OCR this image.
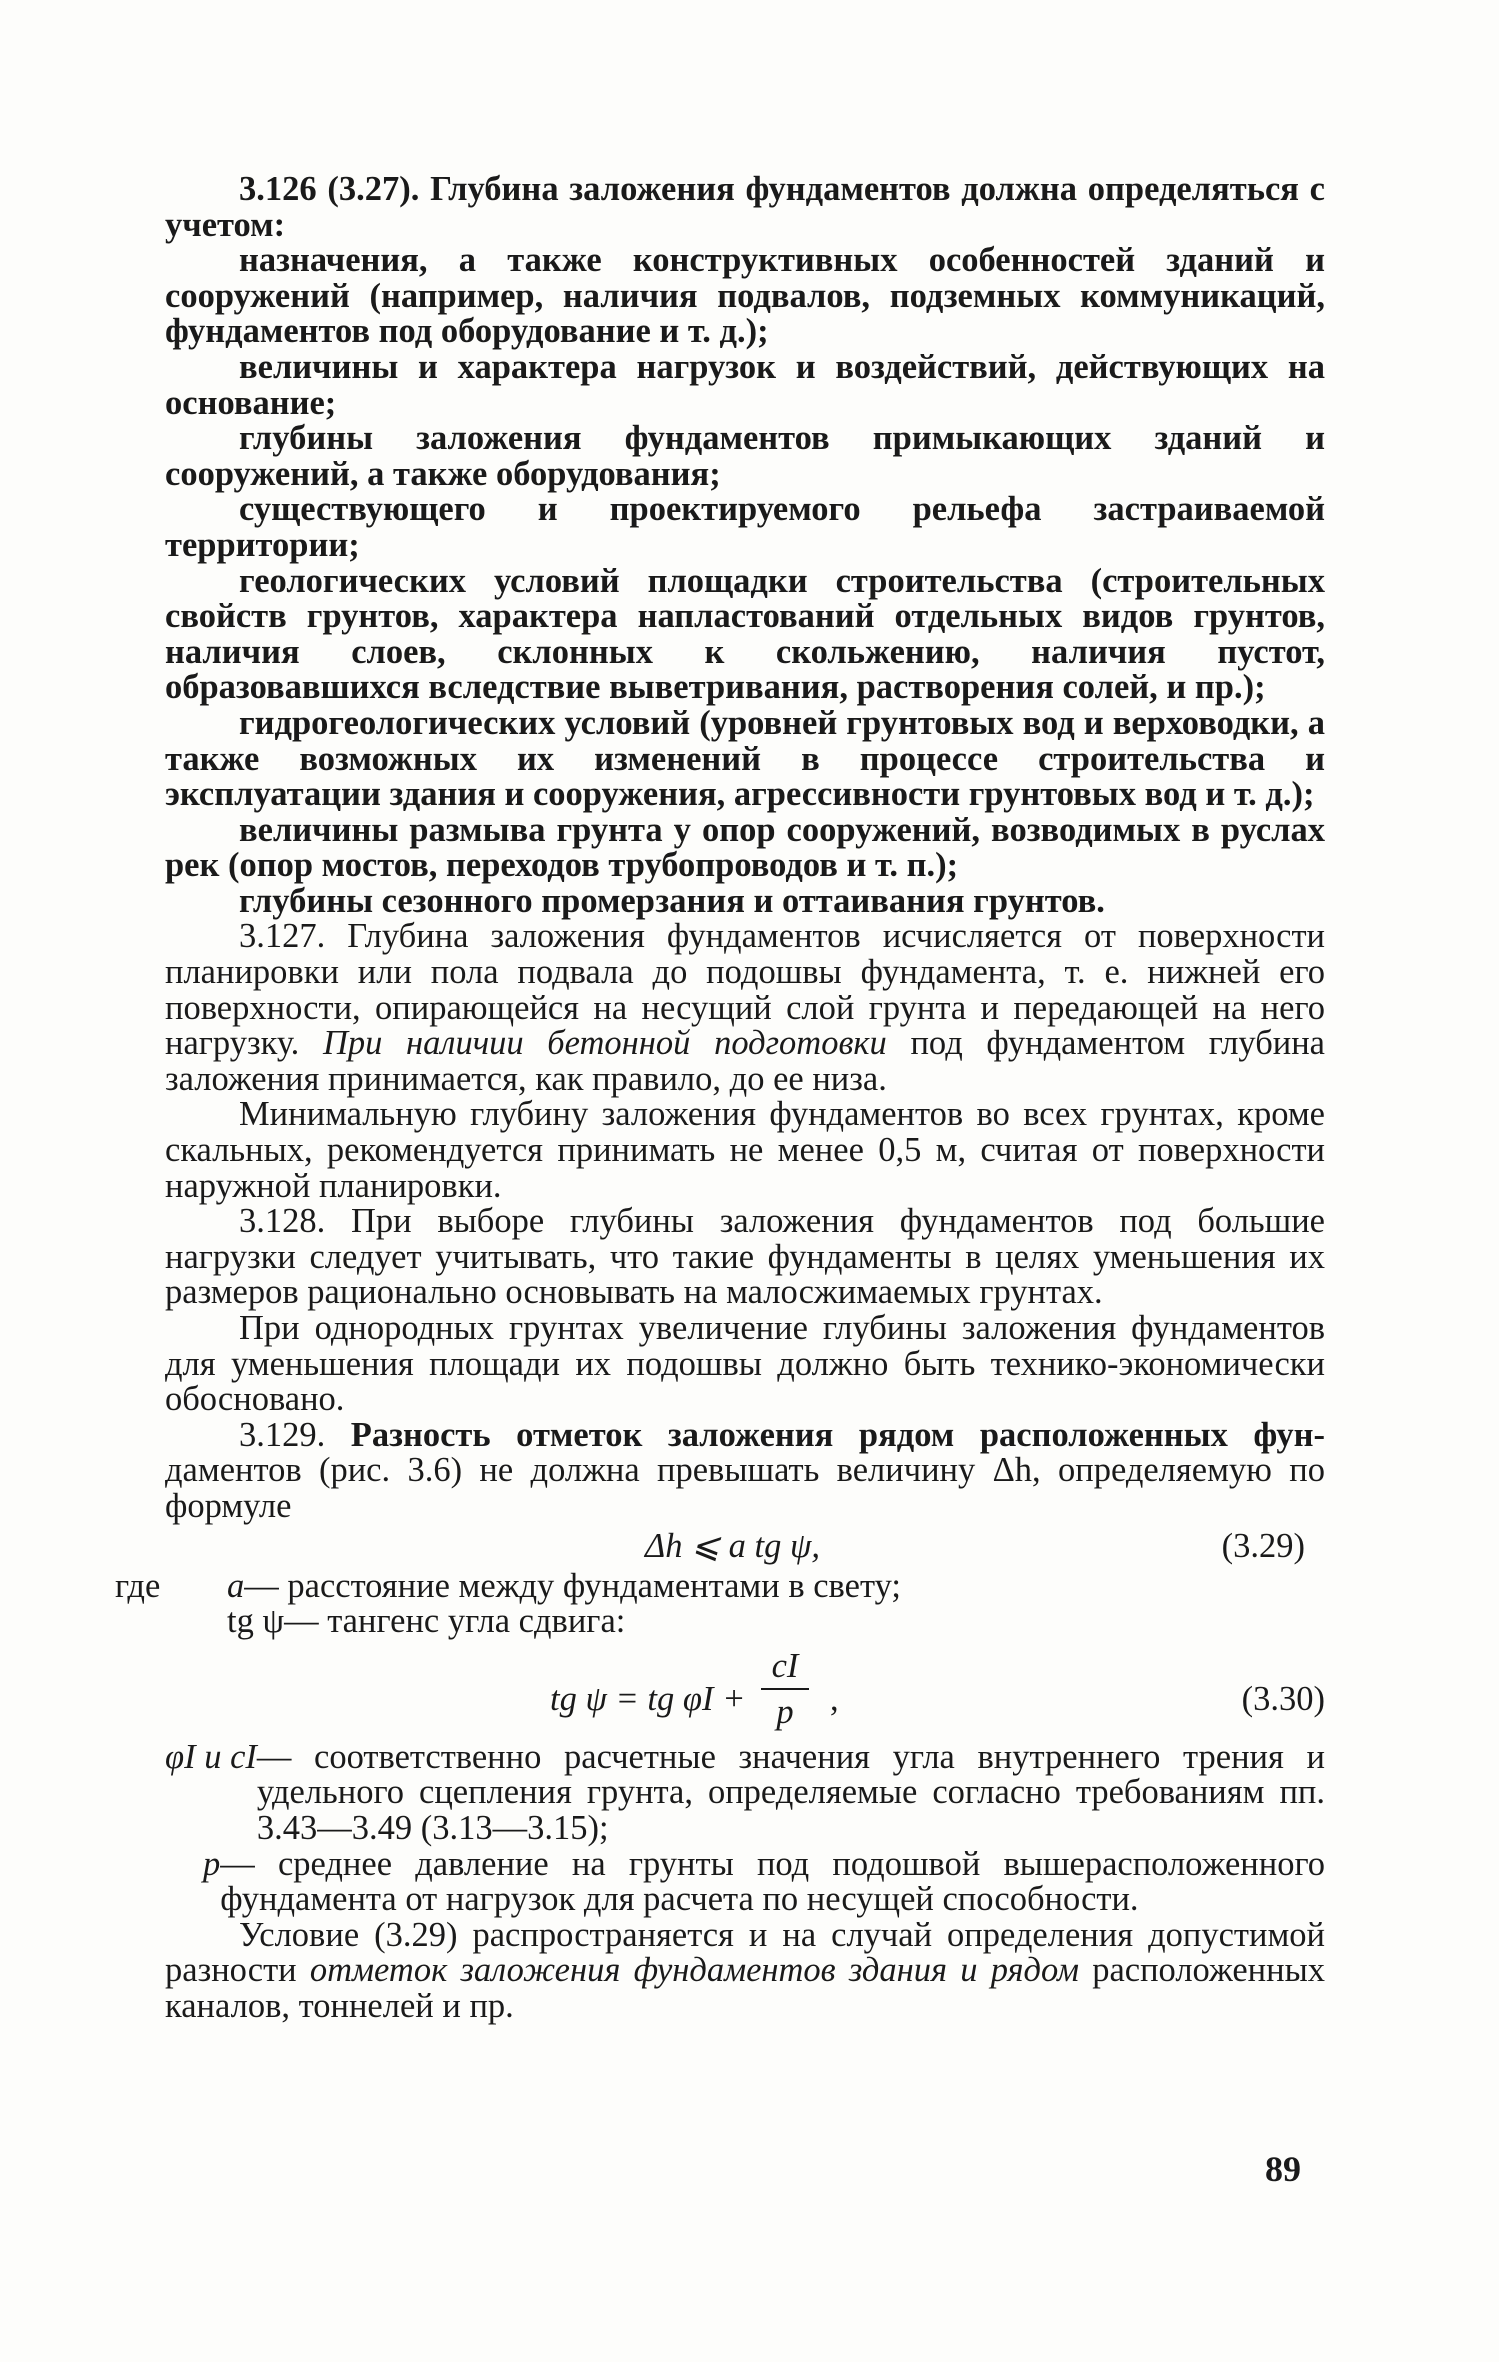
3.126 (3.27). Глубина заложения фундаментов должна определяться с учетом:

назначения, а также конструктивных особенностей зданий и сооружений (например, наличия подвалов, подземных коммуникаций, фундаментов под оборудование и т. д.);

величины и характера нагрузок и воздействий, действующих на основание;

глубины заложения фундаментов примыкающих зданий и сооружений, а также оборудования;

существующего и проектируемого рельефа застраиваемой территории;

геологических условий площадки строительства (строительных свойств грунтов, характера напластований отдельных видов грунтов, наличия слоев, склонных к скольжению, наличия пустот, образовавшихся вследствие выветривания, растворения солей, и пр.);

гидрогеологических условий (уровней грунтовых вод и верховодки, а также возможных их изменений в процессе строительства и эксплуатации здания и сооружения, агрессивности грунтовых вод и т. д.);

величины размыва грунта у опор сооружений, возводимых в руслах рек (опор мостов, переходов трубопроводов и т. п.);

глубины сезонного промерзания и оттаивания грунтов.

3.127. Глубина заложения фундаментов исчисляется от поверхности планировки или пола подвала до подошвы фундамента, т. е. нижней его поверхности, опирающейся на несущий слой грунта и передающей на него нагрузку. При наличии бетонной подготовки под фундаментом глубина заложения принимается, как правило, до ее низа.

Минимальную глубину заложения фундаментов во всех грунтах, кроме скальных, рекомендуется принимать не менее 0,5 м, считая от поверхности наружной планировки.

3.128. При выборе глубины заложения фундаментов под большие нагрузки следует учитывать, что такие фундаменты в целях уменьшения их размеров рационально основывать на малосжимаемых грунтах.

При однородных грунтах увеличение глубины заложения фундаментов для уменьшения площади их подошвы должно быть технико-экономически обосновано.

3.129. Разность отметок заложения рядом расположенных фун- даментов (рис. 3.6) не должна превышать величину Δh, определяемую по формуле

Δh ⩽ a tg ψ,	(3.29)
где	a — расстояние между фундаментами в свету;
tg ψ — тангенс угла сдвига:
tg ψ = tg φI +
cI
p	,	(3.30)
φI и cI — соответственно расчетные значения угла внутреннего трения и удельного сцепления грунта, определяемые согласно требованиям пп. 3.43—3.49 (3.13—3.15);
p — среднее давление на грунты под подошвой вышерасположенного фундамента от нагрузок для расчета по несущей способности.

Условие (3.29) распространяется и на случай определения допустимой разности отметок заложения фундаментов здания и рядом расположенных каналов, тоннелей и пр.

89
